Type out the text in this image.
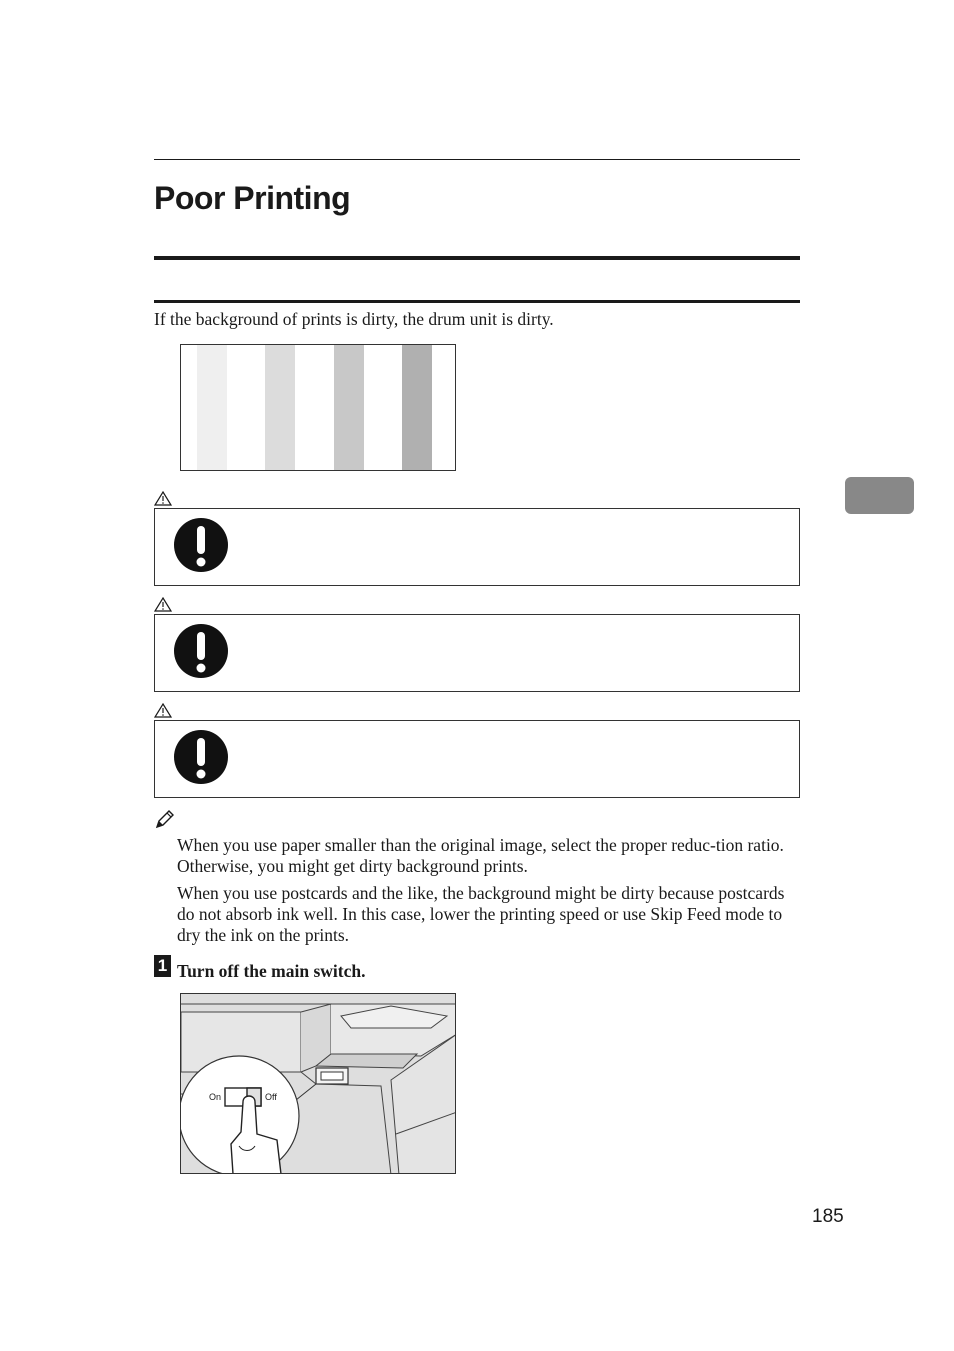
Poor Printing
If the background of prints is dirty, the drum unit is dirty.
When you use paper smaller than the original image, select the proper reduc-tion ratio. Otherwise, you might get dirty background prints.
When you use postcards and the like, the background might be dirty because postcards do not absorb ink well. In this case, lower the printing speed or use Skip Feed mode to dry the ink on the prints.
1 Turn off the main switch.
On	Off
185
